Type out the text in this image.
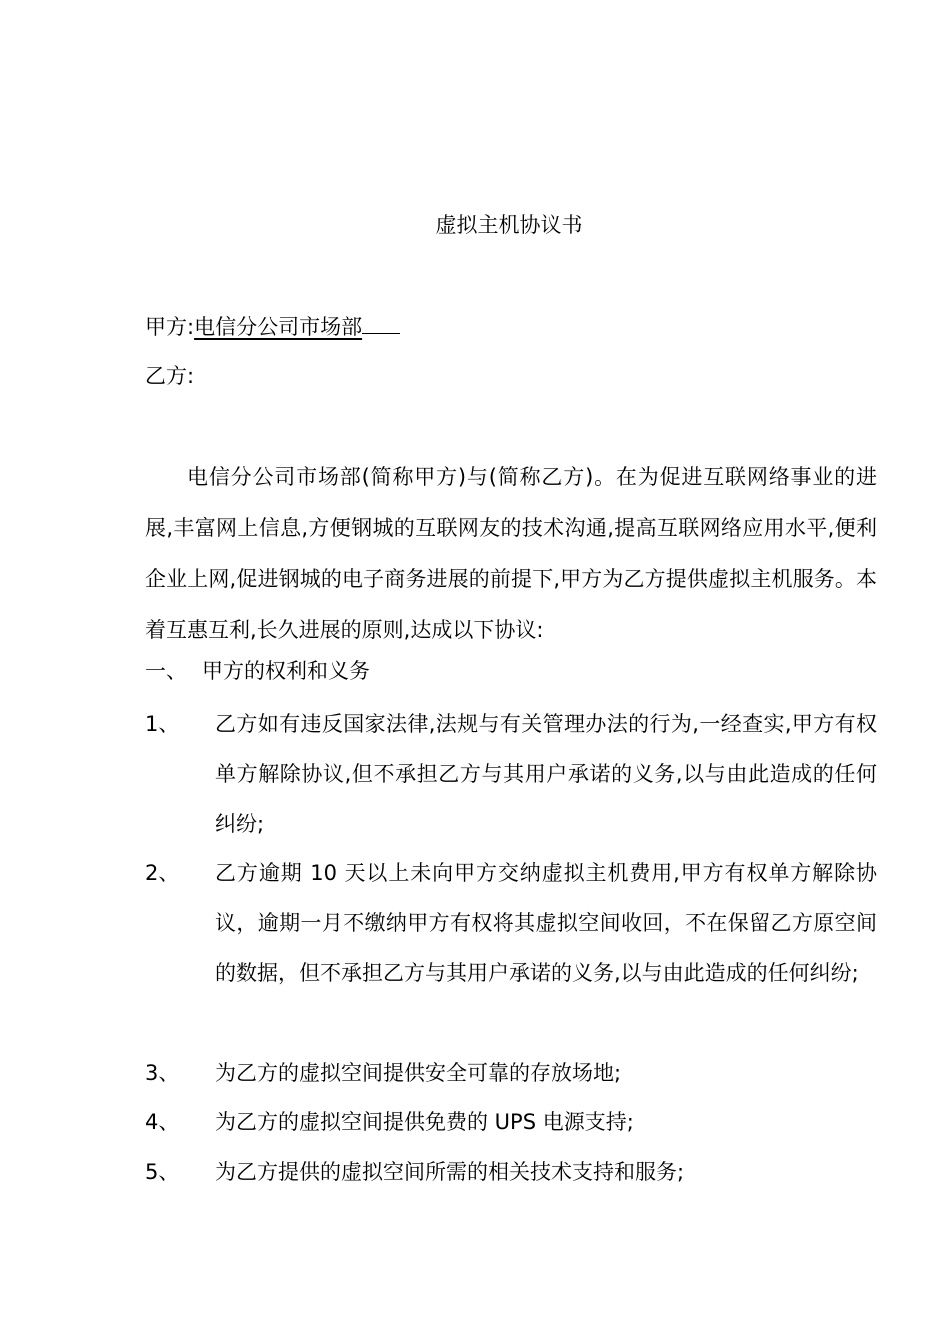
虚拟主机协议书
甲方:电信分公司市场部
乙方:
电信分公司市场部(简称甲方)与(简称乙方)。在为促进互联网络事业的进展,丰富网上信息,方便钢城的互联网友的技术沟通,提高互联网络应用水平,便利企业上网,促进钢城的电子商务进展的前提下,甲方为乙方提供虚拟主机服务。本着互惠互利,长久进展的原则,达成以下协议:
一、 甲方的权利和义务
1、	乙方如有违反国家法律,法规与有关管理办法的行为,一经查实,甲方有权单方解除协议,但不承担乙方与其用户承诺的义务,以与由此造成的任何纠纷;
2、	乙方逾期 10 天以上未向甲方交纳虚拟主机费用,甲方有权单方解除协议，逾期一月不缴纳甲方有权将其虚拟空间收回，不在保留乙方原空间的数据，但不承担乙方与其用户承诺的义务,以与由此造成的任何纠纷;
3、	为乙方的虚拟空间提供安全可靠的存放场地;
4、	为乙方的虚拟空间提供免费的 UPS 电源支持;
5、	为乙方提供的虚拟空间所需的相关技术支持和服务;
